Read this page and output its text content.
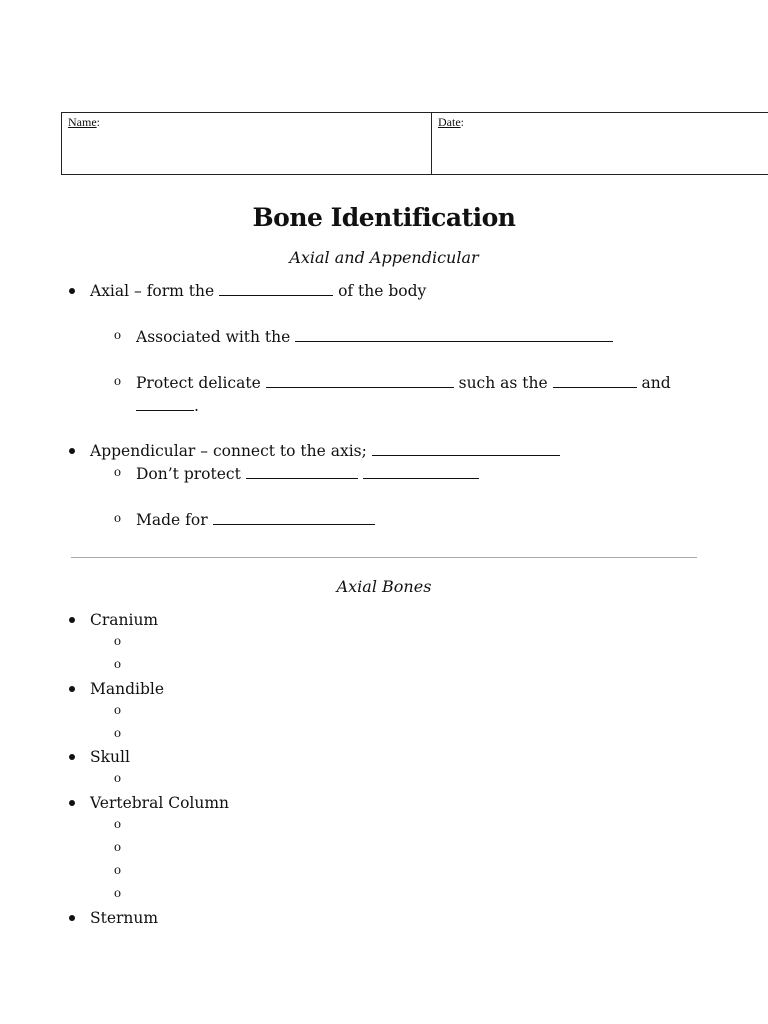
Name:	Date:
Bone Identification
Axial and Appendicular
Axial – form the	of the body
o Associated with the
o Protect delicate	such as the	and
.
Appendicular – connect to the axis;
o Don’t protect
o Made for
Axial Bones
Cranium
o
o
Mandible
o
o
Skull
o
Vertebral Column
o
o
o
o
Sternum
